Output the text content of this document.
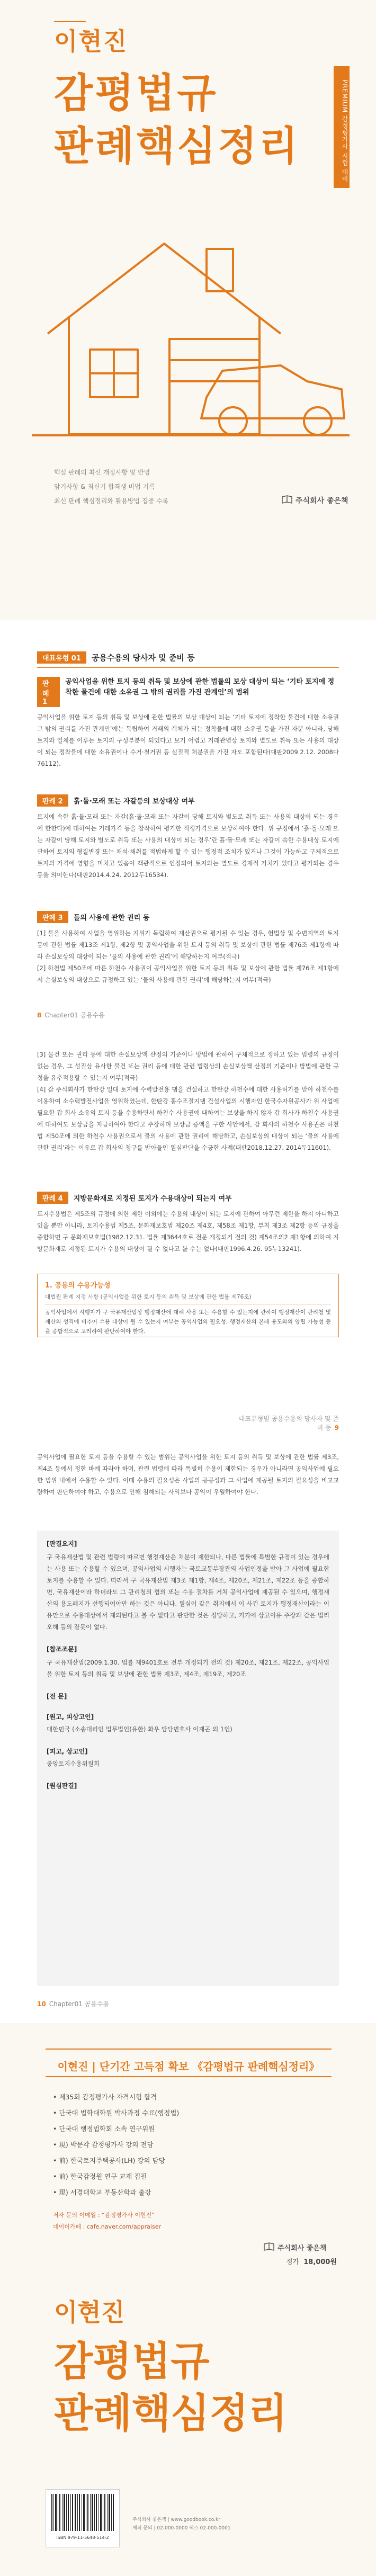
이현진
감평법규
판례핵심정리	PREMIUM 감정평가사 시험 대비
핵심 판례의 최신 개정사항 및 반영
암기사항 & 최신기 합격생 비법 기록
최신 판례 핵심정리와 활용방법 집중 수록	주식회사 좋은책
대표유형 01	공용수용의 당사자 및 준비 등
판례 1
공익사업을 위한 토지 등의 취득 및 보상에 관한 법률의 보상 대상이 되는 ‘기타 토지에 정착한 물건에 대한 소유권 그 밖의 권리를 가진 관계인’의 범위

공익사업을 위한 토지 등의 취득 및 보상에 관한 법률의 보상 대상이 되는 ‘기타 토지에 정착한 물건에 대한 소유권 그 밖의 권리를 가진 관계인’에는 독립하여 거래의 객체가 되는 정착물에 대한 소유권 등을 가진 자뿐 아니라, 당해 토지와 일체를 이루는 토지의 구성부분이 되었다고 보기 어렵고 거래관념상 토지와 별도로 취득 또는 사용의 대상이 되는 정착물에 대한 소유권이나 수거·철거권 등 실질적 처분권을 가진 자도 포함된다(대판2009.2.12. 2008다76112).

판례 2	흙·돌·모래 또는 자갈등의 보상대상 여부

토지에 속한 흙·돌·모래 또는 자갈(흙·돌·모래 또는 자갈이 당해 토지와 별도로 취득 또는 사용의 대상이 되는 경우에 한한다)에 대하여는 거래가격 등을 참작하여 평가한 적정가격으로 보상하여야 한다. 위 규정에서 ‘흙·돌·모래 또는 자갈이 당해 토지와 별도로 취득 또는 사용의 대상이 되는 경우’란 흙·돌·모래 또는 자갈이 속한 수용대상 토지에 관하여 토지의 형질변경 또는 채석·채취를 적법하게 할 수 있는 행정적 조치가 있거나 그것이 가능하고 구체적으로 토지의 가격에 영향을 미치고 있음이 객관적으로 인정되어 토지와는 별도로 경제적 가치가 있다고 평가되는 경우 등을 의미한다(대판2014.4.24. 2012두16534).

판례 3	들의 사용에 관한 권리 등

[1] 물을 사용하여 사업을 영위하는 지위가 독립하여 재산권으로 평가될 수 있는 경우, 헌법상 및 수변지역의 토지 등에 관한 법률 제13조 제1항, 제2항 및 공익사업을 위한 토지 등의 취득 및 보상에 관한 법률 제76조 제1항에 따라 손실보상의 대상이 되는 ‘물의 사용에 관한 권리’에 해당하는지 여부(적극)
[2] 하천법 제50조에 따른 하천수 사용권이 공익사업을 위한 토지 등의 취득 및 보상에 관한 법률 제76조 제1항에서 손실보상의 대상으로 규정하고 있는 ‘물의 사용에 관한 권리’에 해당하는지 여부(적극)

8 Chapter01 공용수용

[3] 물건 또는 권리 등에 대한 손실보상액 산정의 기준이나 방법에 관하여 구체적으로 정하고 있는 법령의 규정이 없는 경우, 그 성질상 유사한 물건 또는 권리 등에 대한 관련 법령상의 손실보상액 산정의 기준이나 방법에 관한 규정을 유추적용할 수 있는지 여부(적극)
[4] 갑 주식회사가 한탄강 일대 토지에 수력발전용 댐을 건설하고 한탄강 하천수에 대한 사용허가를 받아 하천수를 이용하여 소수력발전사업을 영위하였는데, 한탄강 홍수조절지댐 건설사업의 시행자인 한국수자원공사가 위 사업에 필요한 갑 회사 소유의 토지 등을 수용하면서 하천수 사용권에 대하여는 보상을 하지 않자 갑 회사가 하천수 사용권에 대하여도 보상금을 지급하여야 한다고 주장하며 보상금 증액을 구한 사안에서, 갑 회사의 하천수 사용권은 하천법 제50조에 의한 하천수 사용권으로서 물의 사용에 관한 권리에 해당하고, 손실보상의 대상이 되는 ‘물의 사용에 관한 권리’라는 이유로 갑 회사의 청구를 받아들인 원심판단을 수긍한 사례(대판2018.12.27. 2014두11601).

판례 4	지방문화재로 지정된 토지가 수용대상이 되는지 여부

토지수용법은 제5조의 규정에 의한 제한 이외에는 수용의 대상이 되는 토지에 관하여 아무런 제한을 하지 아니하고 있을 뿐만 아니라, 토지수용법 제5조, 문화재보호법 제20조 제4호, 제58조 제1항, 부칙 제3조 제2항 등의 규정을 종합하면 구 문화재보호법(1982.12.31. 법률 제3644호로 전문 개정되기 전의 것) 제54조의2 제1항에 의하여 지방문화재로 지정된 토지가 수용의 대상이 될 수 없다고 볼 수는 없다(대판1996.4.26. 95누13241).

1. 공용의 수용가능성
대법원 판례 지정 사항 (공익사업을 위한 토지 등의 취득 및 보상에 관한 법률 제76조)

공익사업에서 시행자가 구 국유재산법상 행정재산에 대해 사용 또는 수용할 수 있는지에 관하여 행정재산이 관리청 및 재산의 성격에 비추어 수용 대상이 될 수 있는지 여부는 공익사업의 필요성, 행정재산의 본래 용도와의 양립 가능성 등을 종합적으로 고려하여 판단하여야 한다.

대표유형별 공용수용의 당사자 및 준비 등 9

공익사업에 필요한 토지 등을 수용할 수 있는 범위는 공익사업을 위한 토지 등의 취득 및 보상에 관한 법률 제3조, 제4조 등에서 정한 바에 따라야 하며, 관련 법령에 따라 특별히 수용이 제한되는 경우가 아니라면 공익사업에 필요한 범위 내에서 수용할 수 있다. 이때 수용의 필요성은 사업의 공공성과 그 사업에 제공될 토지의 필요성을 비교교량하여 판단하여야 하고, 수용으로 인해 침해되는 사익보다 공익이 우월하여야 한다.

[판결요지]

구 국유재산법 및 관련 법령에 따르면 행정재산은 처분이 제한되나, 다른 법률에 특별한 규정이 있는 경우에는 사용 또는 수용할 수 있으며, 공익사업의 시행자는 국토교통부장관의 사업인정을 받아 그 사업에 필요한 토지를 수용할 수 있다. 따라서 구 국유재산법 제3조 제1항, 제4조, 제20조, 제21조, 제22조 등을 종합하면, 국유재산이라 하더라도 그 관리청의 협의 또는 수용 절차를 거쳐 공익사업에 제공될 수 있으며, 행정재산의 용도폐지가 선행되어야만 하는 것은 아니다. 원심이 같은 취지에서 이 사건 토지가 행정재산이라는 이유만으로 수용대상에서 제외된다고 볼 수 없다고 판단한 것은 정당하고, 거기에 상고이유 주장과 같은 법리오해 등의 잘못이 없다.

[참조조문]

구 국유재산법(2009.1.30. 법률 제9401호로 전부 개정되기 전의 것) 제20조, 제21조, 제22조, 공익사업을 위한 토지 등의 취득 및 보상에 관한 법률 제3조, 제4조, 제19조, 제20조

[전 문]
[원고, 피상고인]

대한민국 (소송대리인 법무법인(유한) 화우 담당변호사 이재곤 외 1인)

[피고, 상고인]

중앙토지수용위원회

[원심판결]
10 Chapter01 공용수용
이현진 | 단기간 고득점 확보 《감평법규 판례핵심정리》
• 제35회 감정평가사 자격시험 합격
• 단국대 법학대학원 박사과정 수료(행정법)
• 단국대 행정법학회 소속 연구위원
• 現) 박문각 감정평가사 강의 전담
• 前) 한국토지주택공사(LH) 강의 담당
• 前) 한국감정원 연구 교재 집필
• 現) 서경대학교 부동산학과 출강
저자 문의 이메일 : “감정평가사 이현진”
네이버카페 : cafe.naver.com/appraiser
주식회사 좋은책
정가 18,000원
이현진
감평법규
판례핵심정리
ISBN 979-11-5648-514-2
주식회사 좋은책 | www.goodbook.co.kr
제작 문의 | 02-000-0000 팩스 02-000-0001
